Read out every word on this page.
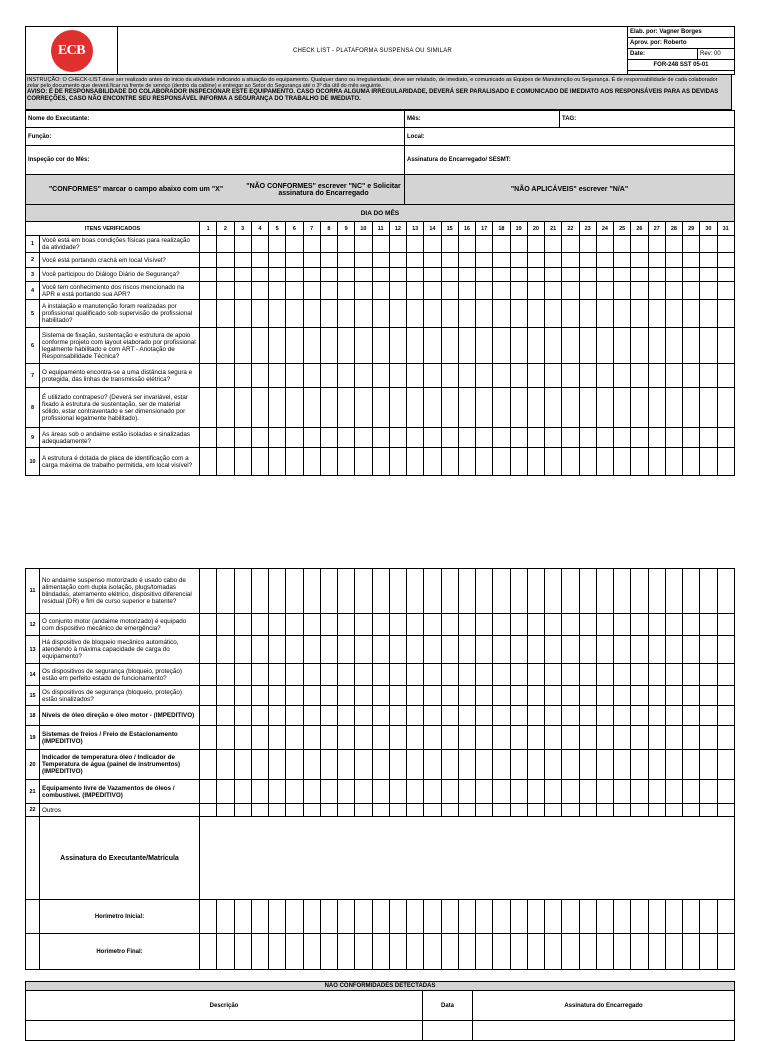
ECB	CHECK LIST - PLATAFORMA SUSPENSA OU SIMILAR	Elab. por: Vagner Borges	
		Aprov. por: Roberto	
		Date:	Rev: 00
		FOR-248 SST 05-01	

INSTRUÇÃO: O CHECK-LIST deve ser realizado antes do inicio da atividade indicando a situação do equipamento. Qualquer dano ou irregularidade, deve ser relatado, de imediato, e comunicado as Equipes de Manutenção ou Segurança. É de responsabilidade de cada colaborador zelar pelo documento que deverá ficar na frente de serviço (dentro da cabine) e entregar ao Setor do Segurança até o 3º dia útil do mês seguinte.
AVISO: É DE RESPONSABILIDADE DO COLABORADOR INSPECIONAR ESTE EQUIPAMENTO. CASO OCORRA ALGUMA IRREGULARIDADE, DEVERÁ SER PARALISADO E COMUNICADO DE IMEDIATO AOS RESPONSÁVEIS PARA AS DEVIDAS CORREÇÕES, CASO NÃO ENCONTRE SEU RESPONSÁVEL INFORMA A SEGURANÇA DO TRABALHO DE IMEDIATO.
Nome do Executante:	Mês:	TAG:
Função:	Local:	
Inspeção cor do Mês:	Assinatura do Encarregado/ SESMT:	

"CONFORMES" marcar o campo abaixo com um "X" "NÃO CONFORMES" escrever "NC" e Solicitar assinatura do Encarregado	"NÃO APLICÁVEIS" escrever "N/A"	
DIA DO MÊS																																
ITENS VERIFICADOS		1	2	3	4	5	6	7	8	9	10	11	12	13	14	15	16	17	18	19	20	21	22	23	24	25	26	27	28	29	30	31
1	Você está em boas condições físicas para realização da atividade?																															
2	Você está portando crachá em local Visível?																															
3	Você participou do Diálogo Diário de Segurança?																															
4	Você tem conhecimento dos riscos mencionado na APR e está portando sua APR?																															
5	A instalação e manutenção foram realizadas por profissional qualificado sob supervisão de profissional habilitado?																															
6	Sistema de fixação, sustentação e estrutura de apoio conforme projeto com layout elaborado por profissional legalmente habilitado e com ART - Anotação de Responsabilidade Técnica?																															
7	O equipamento encontra-se a uma distância segura e protegida, das linhas de transmissão elétrica?																															
8	É utilizado contrapeso? (Deverá ser invariável, estar fixado à estrutura de sustentação, ser de material sólido, estar contraventado e ser dimensionado por profissional legalmente habilitado).																															
9	As áreas sob o andaime estão isoladas e sinalizadas adequadamente?																															
10	A estrutura é dotada de placa de identificação com a carga máxima de trabalho permitida, em local visível?																															
11	No andaime suspenso motorizado é usado cabo de alimentação com dupla isolação, plugs/tomadas blindadas, aterramento elétrico, dispositivo diferencial residual (DR) e fim de curso superior e batente?																															
12	O conjunto motor (andaime motorizado) é equipado com dispositivo mecânico de emergência?																															
13	Há dispositivo de bloqueio mecânico automático, atendendo à máxima capacidade de carga do equipamento?																															
14	Os dispositivos de segurança (bloqueio, proteção) estão em perfeito estado de funcionamento?																															
15	Os dispositivos de segurança (bloqueio, proteção) estão sinalizados?																															
18	Níveis de óleo direção e óleo motor - (IMPEDITIVO)																															
19	Sistemas de freios / Freio de Estacionamento (IMPEDITIVO)																															
20	Indicador de temperatura óleo / Indicador de Temperatura de água (painel de instrumentos) (IMPEDITIVO)																															
21	Equipamento livre de Vazamentos de óleos / combustível. (IMPEDITIVO)																															
22	Outros																															
	Assinatura do Executante/Matrícula																															
	Horímetro Inicial:																															
	Horímetro Final:																															
NÃO CONFORMIDADES DETECTADAS		
Descrição	Data	Assinatura do Encarregado
